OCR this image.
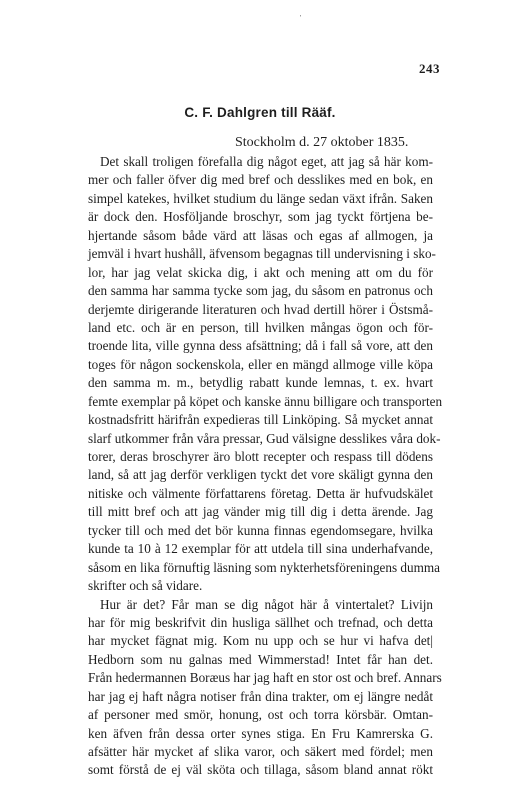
'
243
C. F. Dahlgren till Rääf.
Stockholm d. 27 oktober 1835.
Det skall troligen förefalla dig något eget, att jag så här kom-
mer och faller öfver dig med bref och desslikes med en bok, en
simpel katekes, hvilket studium du länge sedan växt ifrån. Saken
är dock den. Hosföljande broschyr, som jag tyckt förtjena be-
hjertande såsom både värd att läsas och egas af allmogen, ja
jemväl i hvart hushåll, äfvensom begagnas till undervisning i sko-
lor, har jag velat skicka dig, i akt och mening att om du för
den samma har samma tycke som jag, du såsom en patronus och
derjemte dirigerande literaturen och hvad dertill hörer i Östsmå-
land etc. och är en person, till hvilken mångas ögon och för-
troende lita, ville gynna dess afsättning; då i fall så vore, att den
toges för någon sockenskola, eller en mängd allmoge ville köpa
den samma m. m., betydlig rabatt kunde lemnas, t. ex. hvart
femte exemplar på köpet och kanske ännu billigare och transporten
kostnadsfritt härifrån expedieras till Linköping. Så mycket annat
slarf utkommer från våra pressar, Gud välsigne desslikes våra dok-
torer, deras broschyrer äro blott recepter och respass till dödens
land, så att jag derför verkligen tyckt det vore skäligt gynna den
nitiske och välmente författarens företag. Detta är hufvudskälet
till mitt bref och att jag vänder mig till dig i detta ärende. Jag
tycker till och med det bör kunna finnas egendomsegare, hvilka
kunde ta 10 à 12 exemplar för att utdela till sina underhafvande,
såsom en lika förnuftig läsning som nykterhetsföreningens dumma
skrifter och så vidare.
Hur är det? Får man se dig något här å vintertalet? Livijn
har för mig beskrifvit din husliga sällhet och trefnad, och detta
har mycket fägnat mig. Kom nu upp och se hur vi hafva det|
Hedborn som nu galnas med Wimmerstad! Intet får han det.
Från hedermannen Boræus har jag haft en stor ost och bref. Annars
har jag ej haft några notiser från dina trakter, om ej längre nedåt
af personer med smör, honung, ost och torra körsbär. Omtan-
ken äfven från dessa orter synes stiga. En Fru Kamrerska G.
afsätter här mycket af slika varor, och säkert med fördel; men
somt förstå de ej väl sköta och tillaga, såsom bland annat rökt
